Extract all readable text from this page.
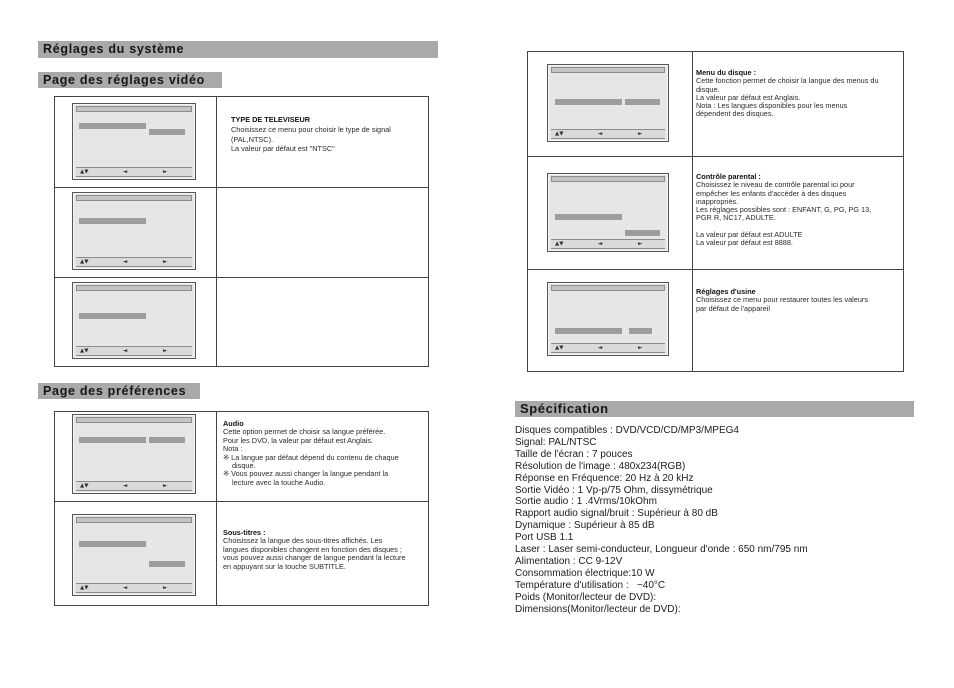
Réglages du système
Page des réglages vidéo
▲▼	◄	►
TYPE DE TELEVISEUR
Choisissez ce menu pour choisir le type de signal
(PAL,NTSC).
La valeur par défaut est "NTSC"
▲▼	◄	►
▲▼	◄	►
Page des préférences
▲▼	◄	►
Audio
Cette option permet de choisir sa langue préférée.
Pour les DVD, la valeur par défaut est Anglais.
Nota :
※ La langue par défaut dépend du contenu de chaque
disque.
※ Vous pouvez aussi changer la langue pendant la
lecture avec la touche Audio.
▲▼	◄	►
Sous-titres :
Choisissez la langue des sous-titres affichés. Les
langues disponibles changent en fonction des disques ;
vous pouvez aussi changer de langue pendant la lecture
en appuyant sur la touche SUBTITLE.
▲▼	◄	►
Menu du disque :
Cette fonction permet de choisir la langue des menus du
disque.
La valeur par défaut est Anglais.
Nota : Les langues disponibles pour les menus
dépendent des disques.
▲▼	◄	►
Contrôle parental :
Choisissez le niveau de contrôle parental ici pour
empêcher les enfants d'accéder à des disques
inappropriés.
Les réglages possibles sont : ENFANT, G, PG, PG 13,
PGR R, NC17, ADULTE.
La valeur par défaut est ADULTE
La valeur par défaut est 8888.
▲▼	◄	►
Réglages d'usine
Choisissez ce menu pour restaurer toutes les valeurs
par défaut de l'appareil
Spécification
Disques compatibles : DVD/VCD/CD/MP3/MPEG4
Signal: PAL/NTSC
Taille de l'écran : 7 pouces
Résolution de l'image : 480x234(RGB)
Réponse en Fréquence: 20 Hz à 20 kHz
Sortie Vidéo : 1 Vp-p/75 Ohm, dissymétrique
Sortie audio : 1 .4Vrms/10kOhm
Rapport audio signal/bruit : Supérieur à 80 dB
Dynamique : Supérieur à 85 dB
Port USB 1.1
Laser : Laser semi-conducteur, Longueur d'onde : 650 nm/795 nm
Alimentation : CC 9-12V
Consommation électrique:10 W
Température d'utilisation :   ~40°C
Poids (Monitor/lecteur de DVD):
Dimensions(Monitor/lecteur de DVD):
